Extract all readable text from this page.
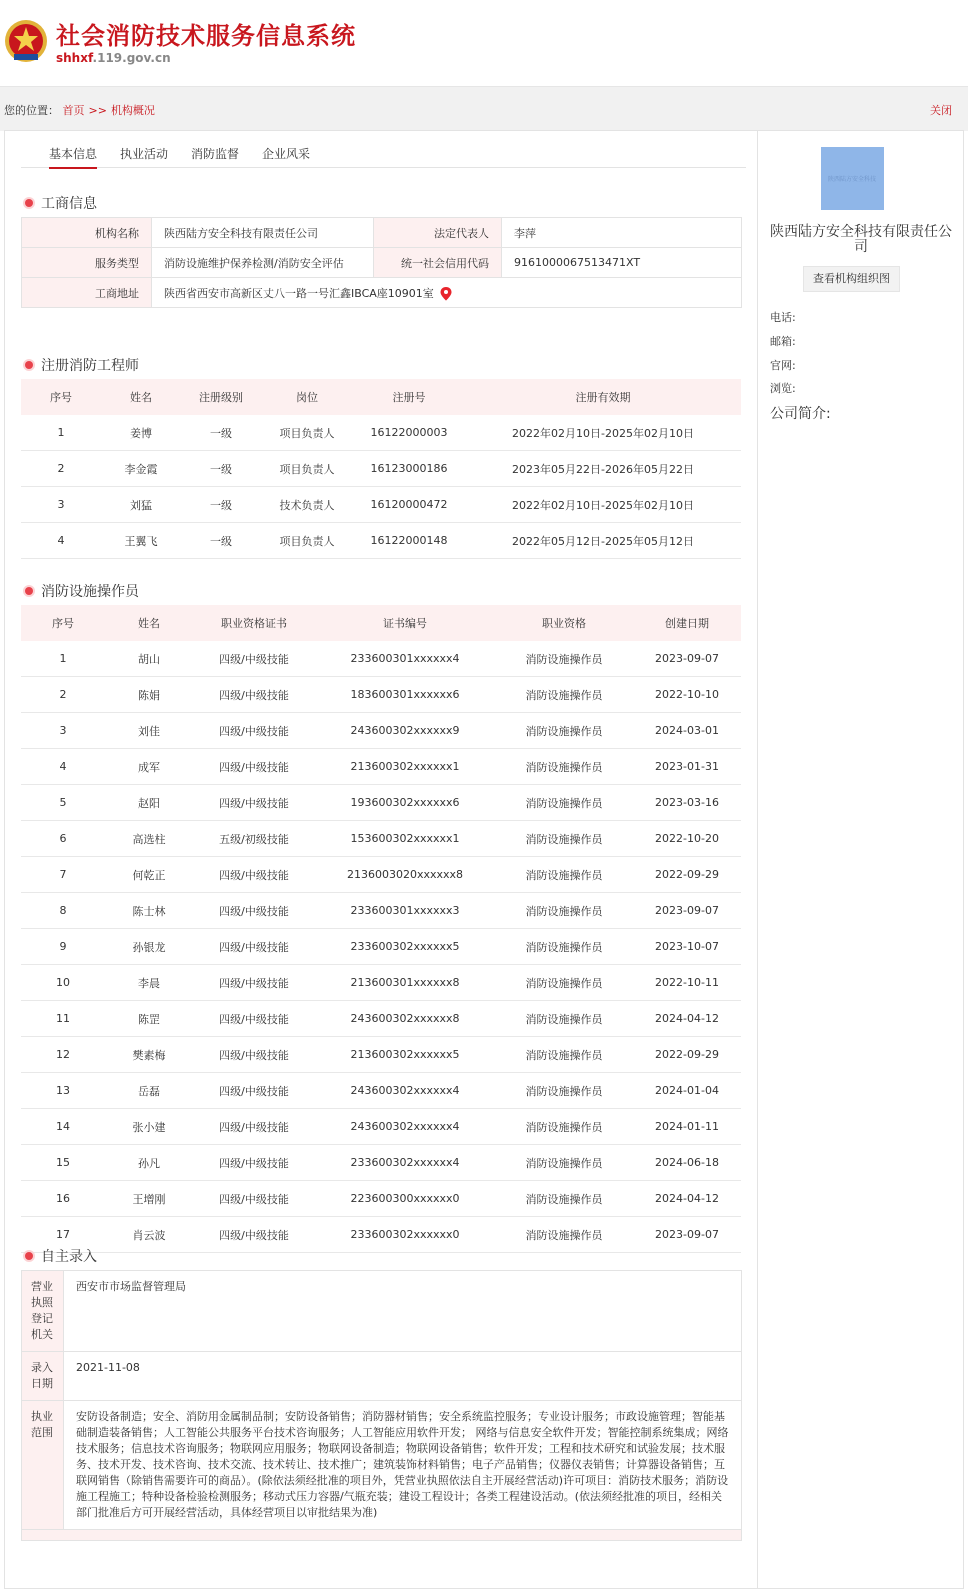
社会消防技术服务信息系统
shhxf.119.gov.cn
您的位置： 首页 >> 机构概况	关闭
基本信息 执业活动 消防监督 企业风采
工商信息
机构名称	陕西陆方安全科技有限责任公司	法定代表人	李萍
服务类型	消防设施维护保养检测/消防安全评估	统一社会信用代码	916100006751347​1XT
工商地址	陕西省西安市高新区丈八一路一号汇鑫IBCA座10901室		
注册消防工程师
序号	姓名	注册级别	岗位	注册号	注册有效期
1	姜博	一级	项目负责人	16122000003	2022年02月10日-2025年02月10日
2	李金霞	一级	项目负责人	16123000186	2023年05月22日-2026年05月22日
3	刘猛	一级	技术负责人	16120000472	2022年02月10日-2025年02月10日
4	王翼飞	一级	项目负责人	16122000148	2022年05月12日-2025年05月12日
消防设施操作员
序号	姓名	职业资格证书	证书编号	职业资格	创建日期
1	胡山	四级/中级技能	233600301xxxxxx4	消防设施操作员	2023-09-07
2	陈娟	四级/中级技能	183600301xxxxxx6	消防设施操作员	2022-10-10
3	刘佳	四级/中级技能	243600302xxxxxx9	消防设施操作员	2024-03-01
4	成军	四级/中级技能	213600302xxxxxx1	消防设施操作员	2023-01-31
5	赵阳	四级/中级技能	193600302xxxxxx6	消防设施操作员	2023-03-16
6	高选柱	五级/初级技能	153600302xxxxxx1	消防设施操作员	2022-10-20
7	何乾正	四级/中级技能	2136003020xxxxxx8	消防设施操作员	2022-09-29
8	陈士林	四级/中级技能	233600301xxxxxx3	消防设施操作员	2023-09-07
9	孙银龙	四级/中级技能	233600302xxxxxx5	消防设施操作员	2023-10-07
10	李晨	四级/中级技能	213600301xxxxxx8	消防设施操作员	2022-10-11
11	陈罡	四级/中级技能	243600302xxxxxx8	消防设施操作员	2024-04-12
12	樊素梅	四级/中级技能	213600302xxxxxx5	消防设施操作员	2022-09-29
13	岳磊	四级/中级技能	243600302xxxxxx4	消防设施操作员	2024-01-04
14	张小建	四级/中级技能	243600302xxxxxx4	消防设施操作员	2024-01-11
15	孙凡	四级/中级技能	233600302xxxxxx4	消防设施操作员	2024-06-18
16	王增刚	四级/中级技能	223600300xxxxxx0	消防设施操作员	2024-04-12
17	肖云波	四级/中级技能	233600302xxxxxx0	消防设施操作员	2023-09-07
自主录入
营业执照登记机关	西安市市场监督管理局
录入日期	2021-11-08
执业范围	安防设备制造；安全、消防用金属制品制；安防设备销售；消防器材销售；安全系统监控服务；专业设计服务；市政设施管理；智能基础制造装备销售；人工智能公共服务平台技术咨询服务；人工智能应用软件开发； 网络与信息安全软件开发；智能控制系统集成；网络技术服务；信息技术咨询服务；物联网应用服务；物联网设备制造；物联网设备销售；软件开发；工程和技术研究和试验发展；技术服务、技术开发、技术咨询、技术交流、技术转让、技术推广；建筑装饰材料销售；电子产品销售；仪器仪表销售；计算器设备销售；互联网销售（除销售需要许可的商品）。(除依法须经批准的项目外，凭营业执照依法自主开展经营活动)许可项目：消防技术服务；消防设施工程施工；特种设备检验检测服务；移动式压力容器/气瓶充装；建设工程设计；各类工程建设活动。(依法须经批准的项目，经相关部门批准后方可开展经营活动，具体经营项目以审批结果为准)

陕西陆方安全科技
陕西陆方安全科技有限责任公司
查看机构组织图
电话:
邮箱:
官网:
浏览:
公司简介:
